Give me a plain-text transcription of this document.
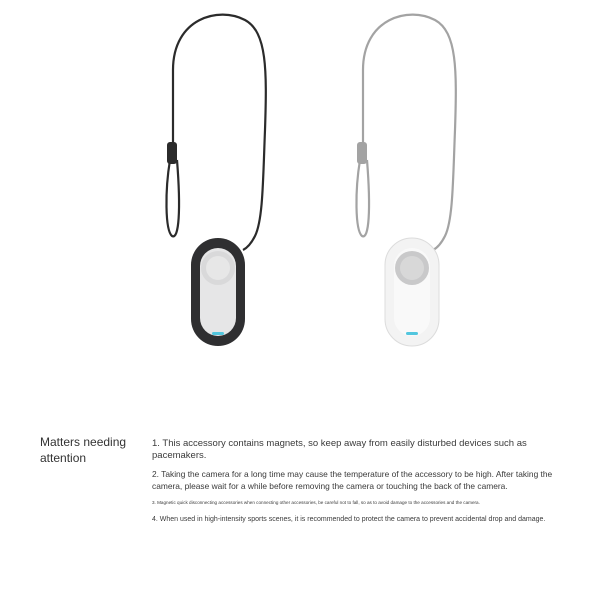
Matters needing attention

1. This accessory contains magnets, so keep away from easily disturbed devices such as pacemakers.

2. Taking the camera for a long time may cause the temperature of the accessory to be high. After taking the camera, please wait for a while before removing the camera or touching the back of the camera.

3. Magnetic quick disconnecting accessories when connecting other accessories, be careful not to fall, so as to avoid damage to the accessories and the camera.

4. When used in high-intensity sports scenes, it is recommended to protect the camera to prevent accidental drop and damage.
